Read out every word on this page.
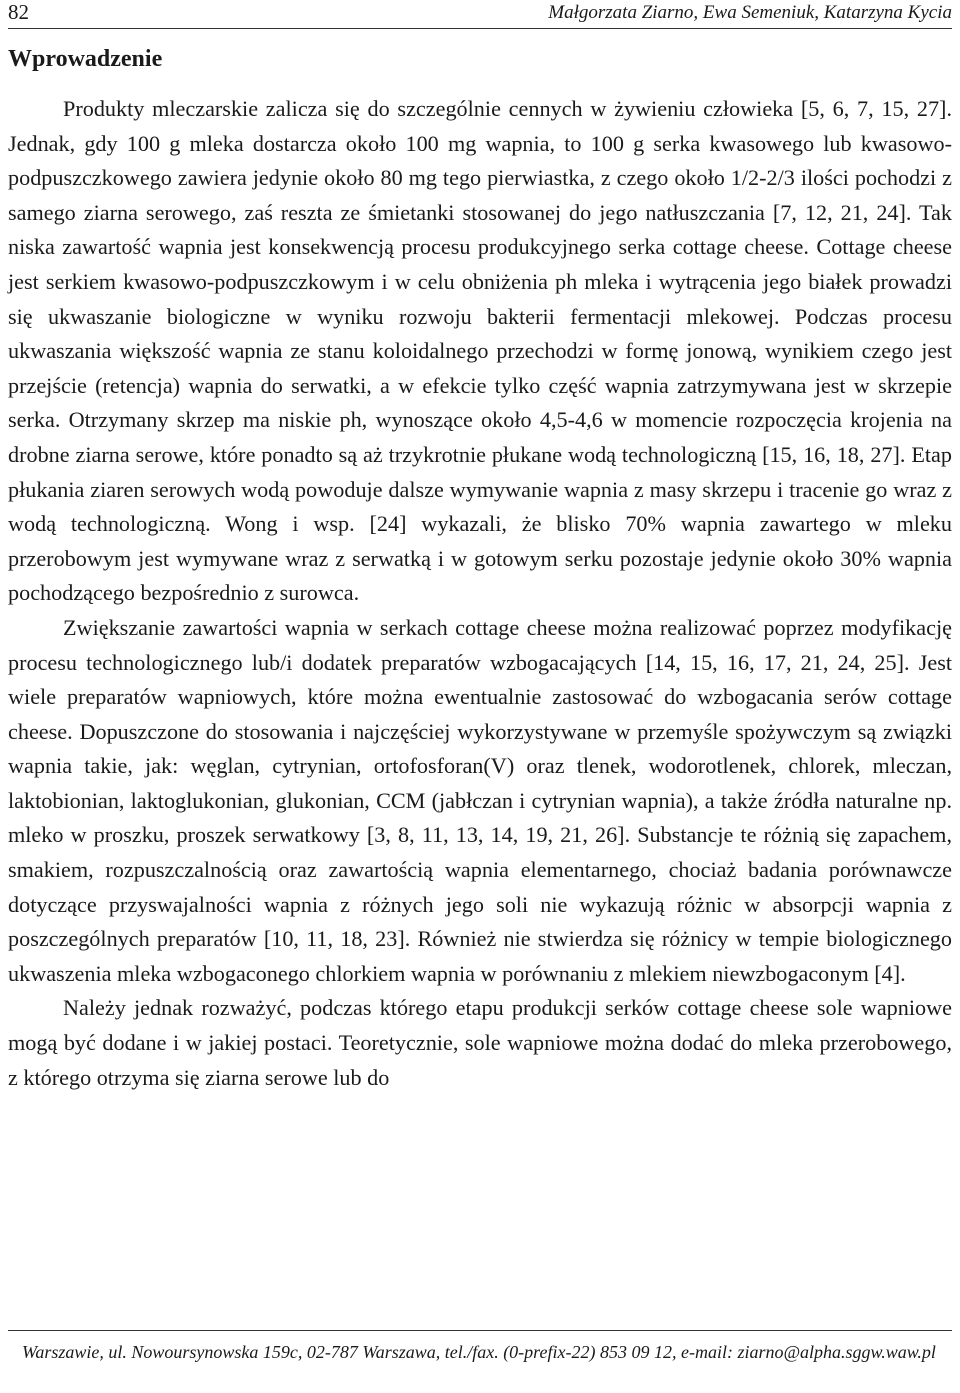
82	Małgorzata Ziarno, Ewa Semeniuk, Katarzyna Kycia
Wprowadzenie

Produkty mleczarskie zalicza się do szczególnie cennych w żywieniu człowieka [5, 6, 7, 15, 27]. Jednak, gdy 100 g mleka dostarcza około 100 mg wapnia, to 100 g serka kwasowego lub kwasowo-podpuszczkowego zawiera jedynie około 80 mg tego pierwiastka, z czego około 1/2-2/3 ilości pochodzi z samego ziarna serowego, zaś reszta ze śmietanki stosowanej do jego natłuszczania [7, 12, 21, 24]. Tak niska zawartość wapnia jest konsekwencją procesu produkcyjnego serka cottage cheese. Cottage cheese jest serkiem kwasowo-podpuszczkowym i w celu obniżenia ph mleka i wytrącenia jego białek prowadzi się ukwaszanie biologiczne w wyniku rozwoju bakterii fermentacji mlekowej. Podczas procesu ukwaszania większość wapnia ze stanu koloidalnego przechodzi w formę jonową, wynikiem czego jest przejście (retencja) wapnia do serwatki, a w efekcie tylko część wapnia zatrzymywana jest w skrzepie serka. Otrzymany skrzep ma niskie ph, wynoszące około 4,5-4,6 w momencie rozpoczęcia krojenia na drobne ziarna serowe, które ponadto są aż trzykrotnie płukane wodą technologiczną [15, 16, 18, 27]. Etap płukania ziaren serowych wodą powoduje dalsze wymywanie wapnia z masy skrzepu i tracenie go wraz z wodą technologiczną. Wong i wsp. [24] wykazali, że blisko 70% wapnia zawartego w mleku przerobowym jest wymywane wraz z serwatką i w gotowym serku pozostaje jedynie około 30% wapnia pochodzącego bezpośrednio z surowca.

Zwiększanie zawartości wapnia w serkach cottage cheese można realizować poprzez modyfikację procesu technologicznego lub/i dodatek preparatów wzbogacających [14, 15, 16, 17, 21, 24, 25]. Jest wiele preparatów wapniowych, które można ewentualnie zastosować do wzbogacania serów cottage cheese. Dopuszczone do stosowania i najczęściej wykorzystywane w przemyśle spożywczym są związki wapnia takie, jak: węglan, cytrynian, ortofosforan(V) oraz tlenek, wodorotlenek, chlorek, mleczan, laktobionian, laktoglukonian, glukonian, CCM (jabłczan i cytrynian wapnia), a także źródła naturalne np. mleko w proszku, proszek serwatkowy [3, 8, 11, 13, 14, 19, 21, 26]. Substancje te różnią się zapachem, smakiem, rozpuszczalnością oraz zawartością wapnia elementarnego, chociaż badania porównawcze dotyczące przyswajalności wapnia z różnych jego soli nie wykazują różnic w absorpcji wapnia z poszczególnych preparatów [10, 11, 18, 23]. Również nie stwierdza się różnicy w tempie biologicznego ukwaszenia mleka wzbogaconego chlorkiem wapnia w porównaniu z mlekiem niewzbogaconym [4].

Należy jednak rozważyć, podczas którego etapu produkcji serków cottage cheese sole wapniowe mogą być dodane i w jakiej postaci. Teoretycznie, sole wapniowe można dodać do mleka przerobowego, z którego otrzyma się ziarna serowe lub do

Warszawie, ul. Nowoursynowska 159c, 02-787 Warszawa, tel./fax. (0-prefix-22) 853 09 12, e-mail: ziarno@alpha.sggw.waw.pl
